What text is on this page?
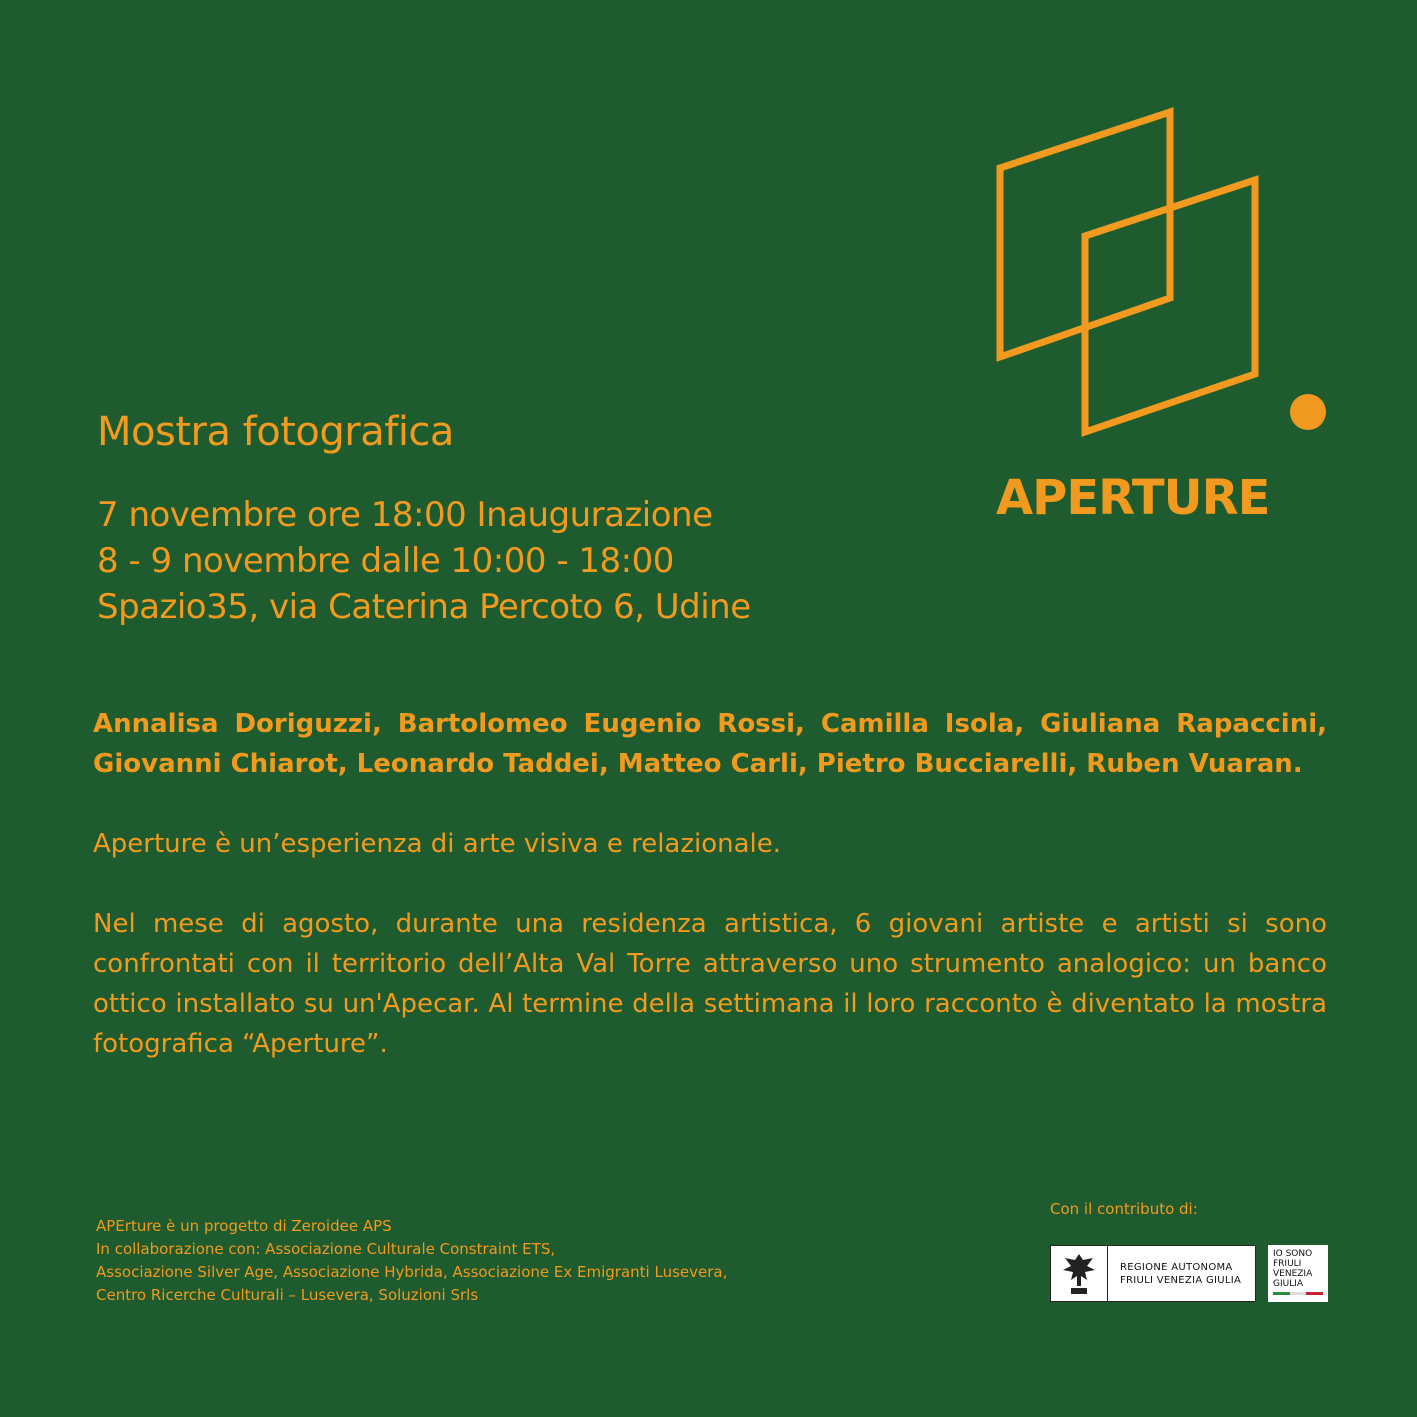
APERTURE
Mostra fotografica
7 novembre ore 18:00 Inaugurazione
8 - 9 novembre dalle 10:00 - 18:00
Spazio35, via Caterina Percoto 6, Udine

Annalisa Doriguzzi, Bartolomeo Eugenio Rossi, Camilla Isola, Giuliana Rapaccini, Giovanni Chiarot, Leonardo Taddei, Matteo Carli, Pietro Bucciarelli, Ruben Vuaran.

Aperture è un’esperienza di arte visiva e relazionale.

Nel mese di agosto, durante una residenza artistica, 6 giovani artiste e artisti si sono confrontati con il territorio dell’Alta Val Torre attraverso uno strumento analogico: un banco ottico installato su un'Apecar. Al termine della settimana il loro racconto è diventato la mostra fotografica “Aperture”.

APErture è un progetto di Zeroidee APS
In collaborazione con: Associazione Culturale Constraint ETS,
Associazione Silver Age, Associazione Hybrida, Associazione Ex Emigranti Lusevera,
Centro Ricerche Culturali – Lusevera, Soluzioni Srls
Con il contributo di:
REGIONE AUTONOMA
FRIULI VENEZIA GIULIA
IO SONO
FRIULI
VENEZIA
GIULIA
